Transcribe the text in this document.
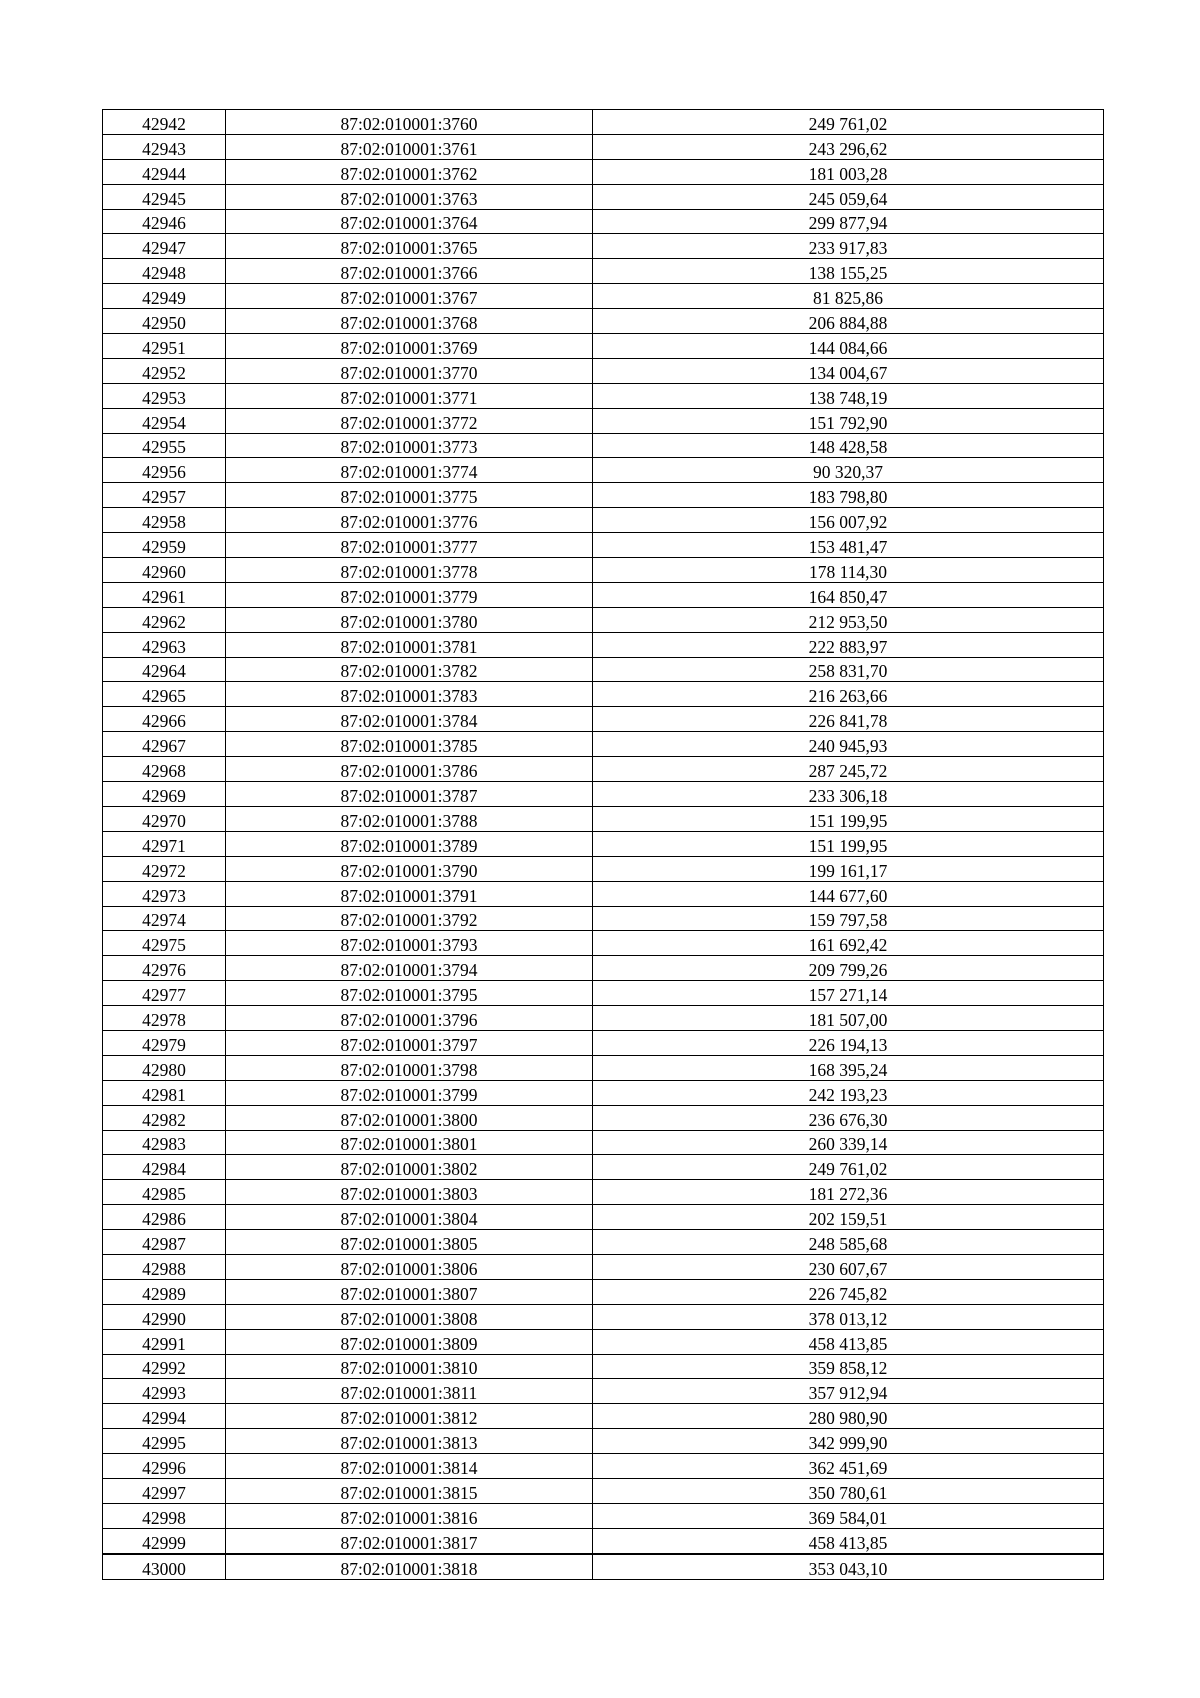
42942	87:02:010001:3760	249 761,02
42943	87:02:010001:3761	243 296,62
42944	87:02:010001:3762	181 003,28
42945	87:02:010001:3763	245 059,64
42946	87:02:010001:3764	299 877,94
42947	87:02:010001:3765	233 917,83
42948	87:02:010001:3766	138 155,25
42949	87:02:010001:3767	81 825,86
42950	87:02:010001:3768	206 884,88
42951	87:02:010001:3769	144 084,66
42952	87:02:010001:3770	134 004,67
42953	87:02:010001:3771	138 748,19
42954	87:02:010001:3772	151 792,90
42955	87:02:010001:3773	148 428,58
42956	87:02:010001:3774	90 320,37
42957	87:02:010001:3775	183 798,80
42958	87:02:010001:3776	156 007,92
42959	87:02:010001:3777	153 481,47
42960	87:02:010001:3778	178 114,30
42961	87:02:010001:3779	164 850,47
42962	87:02:010001:3780	212 953,50
42963	87:02:010001:3781	222 883,97
42964	87:02:010001:3782	258 831,70
42965	87:02:010001:3783	216 263,66
42966	87:02:010001:3784	226 841,78
42967	87:02:010001:3785	240 945,93
42968	87:02:010001:3786	287 245,72
42969	87:02:010001:3787	233 306,18
42970	87:02:010001:3788	151 199,95
42971	87:02:010001:3789	151 199,95
42972	87:02:010001:3790	199 161,17
42973	87:02:010001:3791	144 677,60
42974	87:02:010001:3792	159 797,58
42975	87:02:010001:3793	161 692,42
42976	87:02:010001:3794	209 799,26
42977	87:02:010001:3795	157 271,14
42978	87:02:010001:3796	181 507,00
42979	87:02:010001:3797	226 194,13
42980	87:02:010001:3798	168 395,24
42981	87:02:010001:3799	242 193,23
42982	87:02:010001:3800	236 676,30
42983	87:02:010001:3801	260 339,14
42984	87:02:010001:3802	249 761,02
42985	87:02:010001:3803	181 272,36
42986	87:02:010001:3804	202 159,51
42987	87:02:010001:3805	248 585,68
42988	87:02:010001:3806	230 607,67
42989	87:02:010001:3807	226 745,82
42990	87:02:010001:3808	378 013,12
42991	87:02:010001:3809	458 413,85
42992	87:02:010001:3810	359 858,12
42993	87:02:010001:3811	357 912,94
42994	87:02:010001:3812	280 980,90
42995	87:02:010001:3813	342 999,90
42996	87:02:010001:3814	362 451,69
42997	87:02:010001:3815	350 780,61
42998	87:02:010001:3816	369 584,01
42999	87:02:010001:3817	458 413,85
43000	87:02:010001:3818	353 043,10
